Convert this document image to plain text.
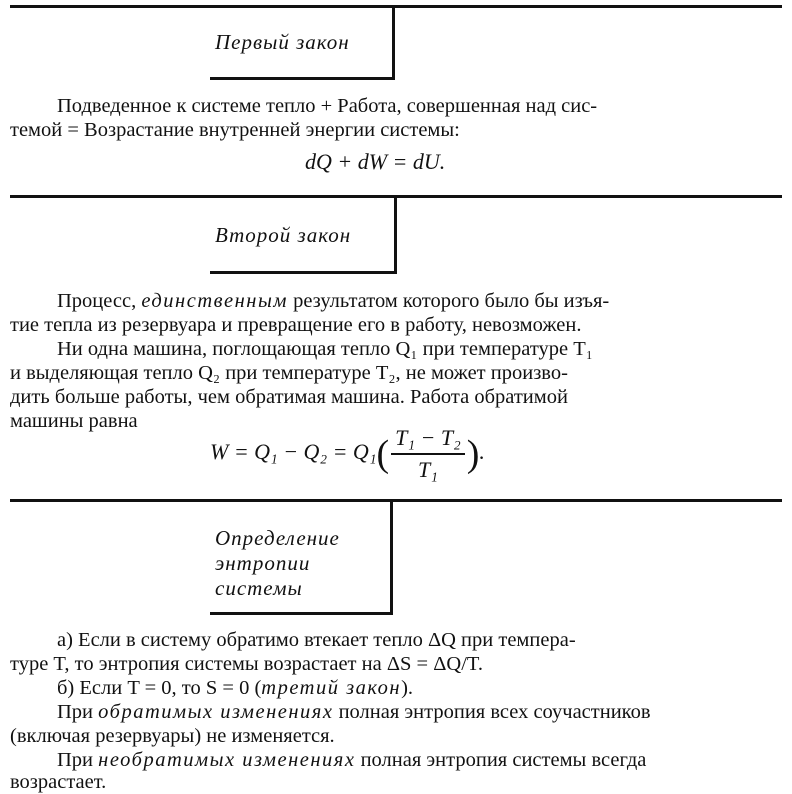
Первый закон
Подведенное к системе тепло + Работа, совершенная над сис-
темой = Возрастание внутренней энергии системы:
dQ + dW = dU.
Второй закон
Процесс, единственным результатом которого было бы изъя-
тие тепла из резервуара и превращение его в работу, невозможен.
Ни одна машина, поглощающая тепло Q₁ при температуре T₁
и выделяющая тепло Q₂ при температуре T₂, не может произво-
дить больше работы, чем обратимая машина. Работа обратимой
машины равна
$W = Q_1 - Q_2 = Q_1( \frac{\text{T₁ − T₂}}{\text{T₁}}$ ).
Определение
энтропии
системы
а) Если в систему обратимо втекает тепло ΔQ при темпера-
туре T, то энтропия системы возрастает на ΔS = ΔQ/T.
б) Если T = 0, то S = 0 (третий закон).
При обратимых изменениях полная энтропия всех соучастников
(включая резервуары) не изменяется.
При необратимых изменениях полная энтропия системы всегда
возрастает.
